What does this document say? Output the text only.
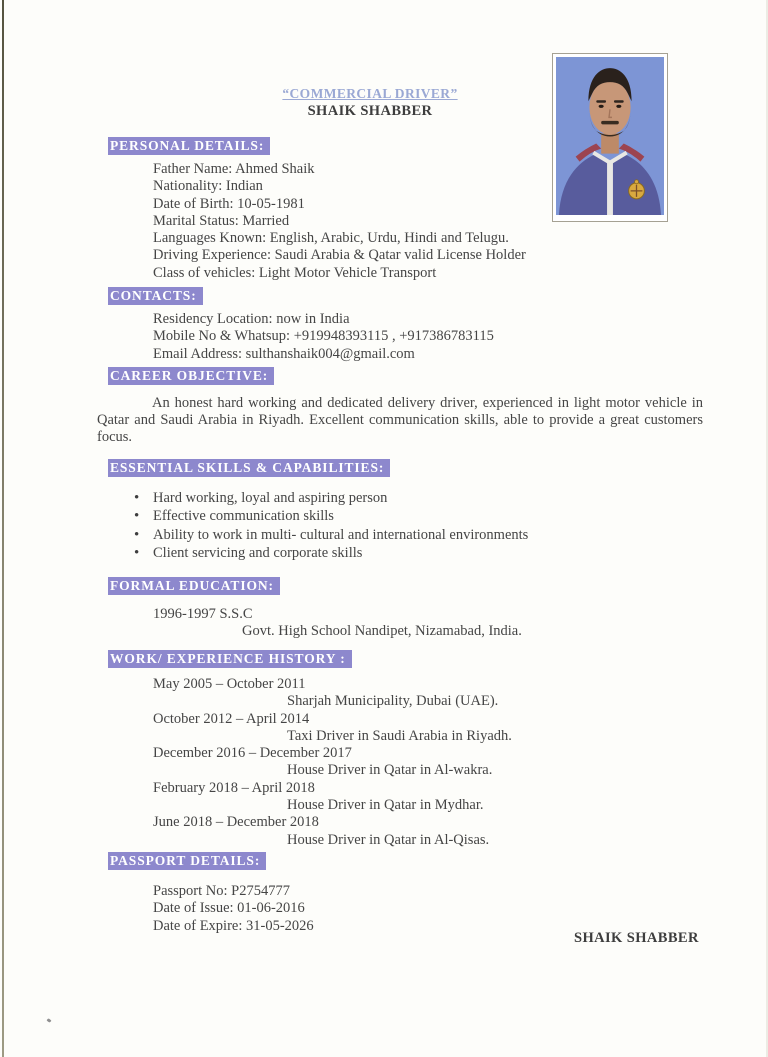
“COMMERCIAL DRIVER”
SHAIK SHABBER
PERSONAL DETAILS:
Father Name: Ahmed Shaik
Nationality: Indian
Date of Birth: 10-05-1981
Marital Status: Married
Languages Known: English, Arabic, Urdu, Hindi and Telugu.
Driving Experience: Saudi Arabia & Qatar valid License Holder
Class of vehicles: Light Motor Vehicle Transport
CONTACTS:
Residency Location: now in India
Mobile No & Whatsup: +919948393115 , +917386783115
Email Address: sulthanshaik004@gmail.com
CAREER OBJECTIVE:
An honest hard working and dedicated delivery driver, experienced in light motor vehicle in Qatar and Saudi Arabia in Riyadh. Excellent communication skills, able to provide a great customers focus.
ESSENTIAL SKILLS & CAPABILITIES:
• Hard working, loyal and aspiring person
• Effective communication skills
• Ability to work in multi- cultural and international environments
• Client servicing and corporate skills
FORMAL EDUCATION:
1996-1997 S.S.C
Govt. High School Nandipet, Nizamabad, India.
WORK/ EXPERIENCE HISTORY :
May 2005 – October 2011
Sharjah Municipality, Dubai (UAE).
October 2012 – April 2014
Taxi Driver in Saudi Arabia in Riyadh.
December 2016 – December 2017
House Driver in Qatar in Al-wakra.
February 2018 – April 2018
House Driver in Qatar in Mydhar.
June 2018 – December 2018
House Driver in Qatar in Al-Qisas.
PASSPORT DETAILS:
Passport No: P2754777
Date of Issue: 01-06-2016
Date of Expire: 31-05-2026
SHAIK SHABBER
